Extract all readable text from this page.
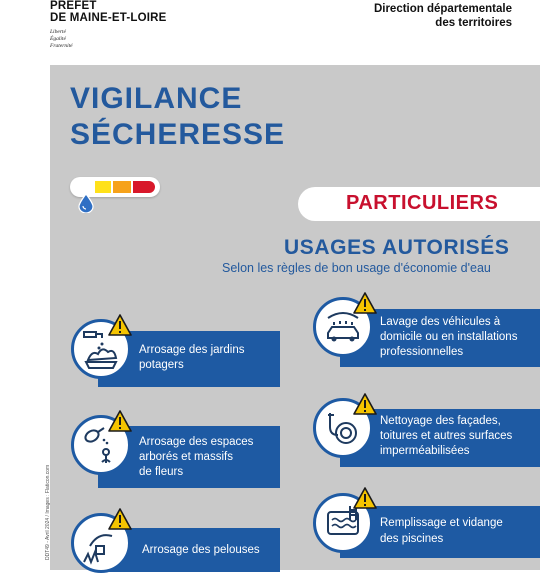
PRÉFET
DE MAINE-ET-LOIRE
Liberté
Égalité
Fraternité
Direction départementale
des territoires
VIGILANCE
SÉCHERESSE
PARTICULIERS
USAGES AUTORISÉS
Selon les règles de bon usage d'économie d'eau
Arrosage des jardins
potagers
Arrosage des espaces
arborés et massifs
de fleurs
Arrosage des pelouses
Lavage des véhicules à
domicile ou en installations
professionnelles
Nettoyage des façades,
toitures et autres surfaces
imperméabilisées
Remplissage et vidange
des piscines
DDT49 - Avril 2024 / Images : Flaticon.com
